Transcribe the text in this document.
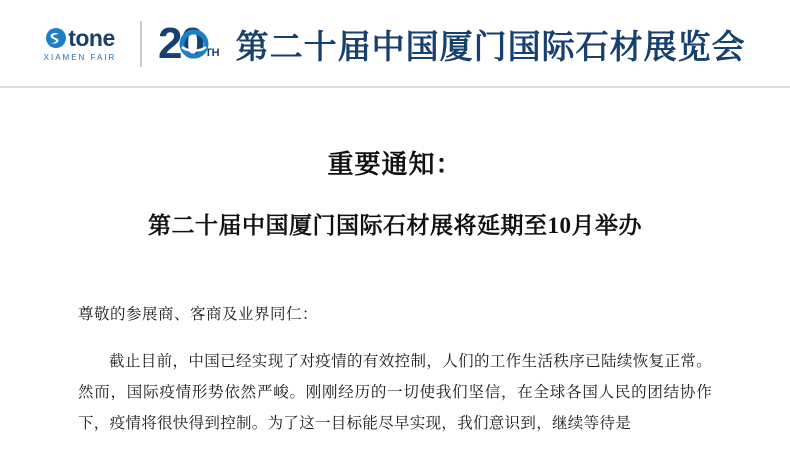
tone
XIAMEN FAIR 20 TH 第二十届中国厦门国际石材展览会
重要通知：
第二十届中国厦门国际石材展将延期至10月举办
尊敬的参展商、客商及业界同仁：
截止目前，中国已经实现了对疫情的有效控制，人们的工作生活秩序已陆续恢复正常。然而，国际疫情形势依然严峻。刚刚经历的一切使我们坚信，在全球各国人民的团结协作下，疫情将很快得到控制。为了这一目标能尽早实现，我们意识到，继续等待是
